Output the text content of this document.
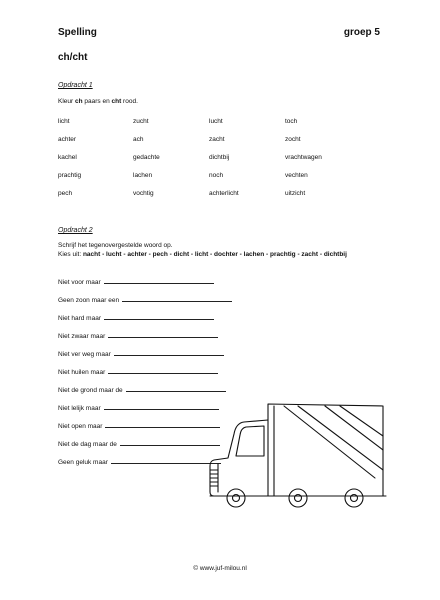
Spelling	groep 5
ch/cht
Opdracht 1
Kleur ch paars en cht rood.
licht	zucht	lucht	toch
achter	ach	zacht	zocht
kachel	gedachte	dichtbij	vrachtwagen
prachtig	lachen	noch	vechten
pech	vochtig	achterlicht	uitzicht
Opdracht 2
Schrijf het tegenovergestelde woord op.
Kies uit: nacht - lucht - achter - pech - dicht - licht - dochter - lachen - prachtig - zacht - dichtbij
Niet voor maar
Geen zoon maar een
Niet hard maar
Niet zwaar maar
Niet ver weg maar
Niet huilen maar
Niet de grond maar de
Niet lelijk maar
Niet open maar
Niet de dag maar de
Geen geluk maar
© www.juf-milou.nl
